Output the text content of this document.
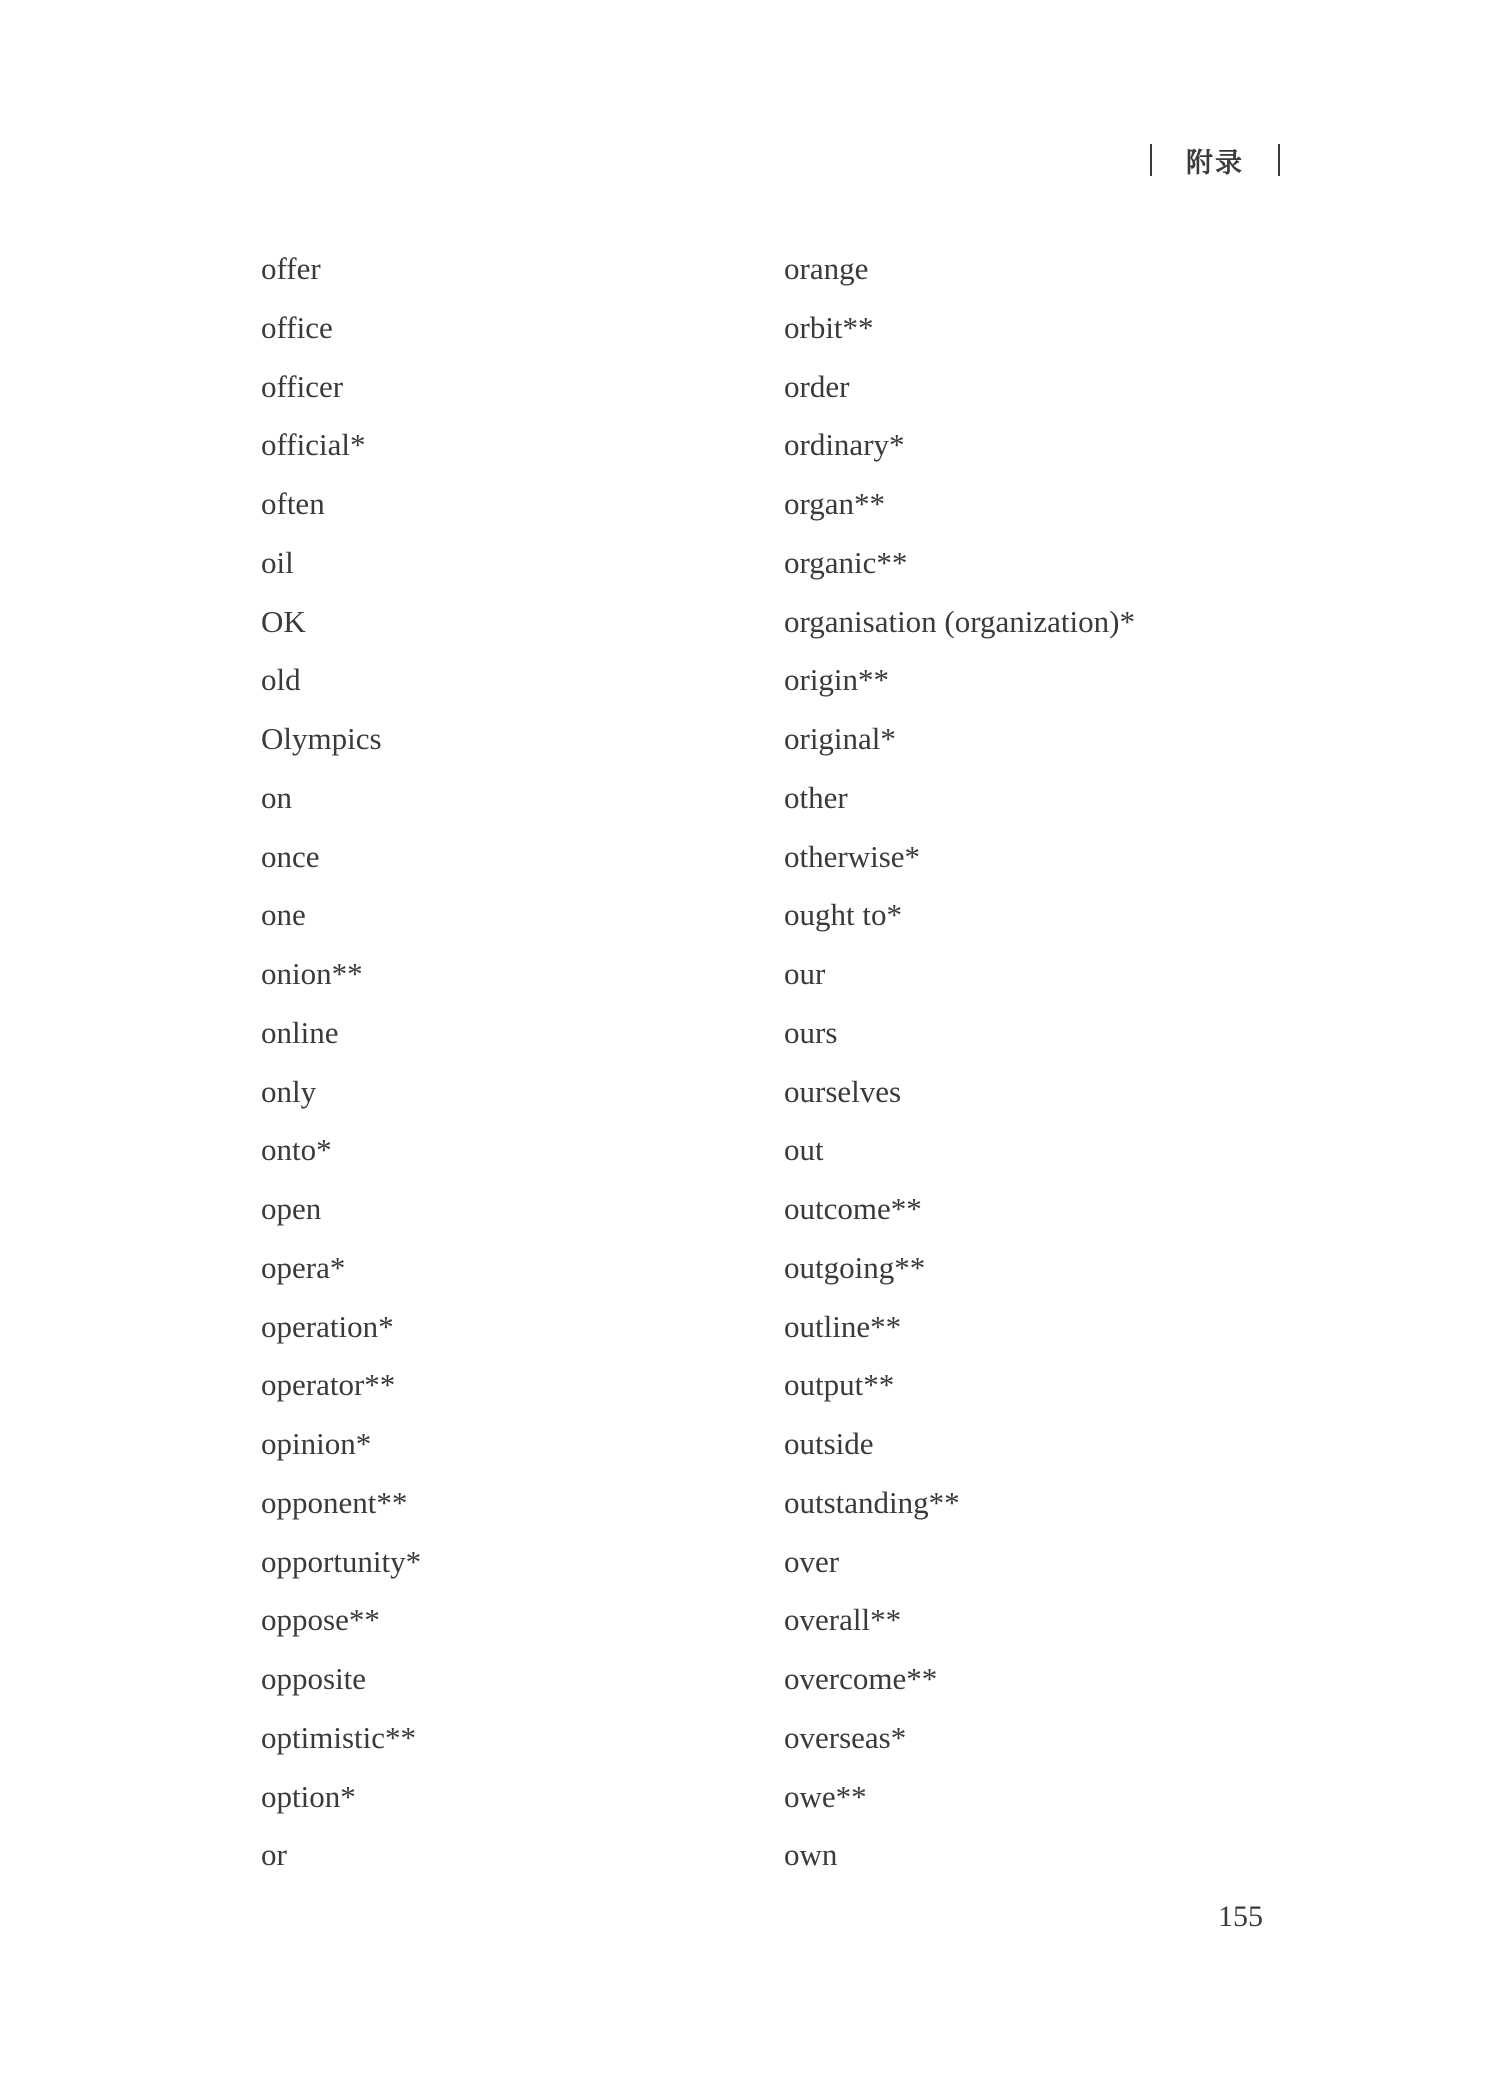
附录
offer
office
officer
official*
often
oil
OK
old
Olympics
on
once
one
onion**
online
only
onto*
open
opera*
operation*
operator**
opinion*
opponent**
opportunity*
oppose**
opposite
optimistic**
option*
or
orange
orbit**
order
ordinary*
organ**
organic**
organisation (organization)*
origin**
original*
other
otherwise*
ought to*
our
ours
ourselves
out
outcome**
outgoing**
outline**
output**
outside
outstanding**
over
overall**
overcome**
overseas*
owe**
own
155
